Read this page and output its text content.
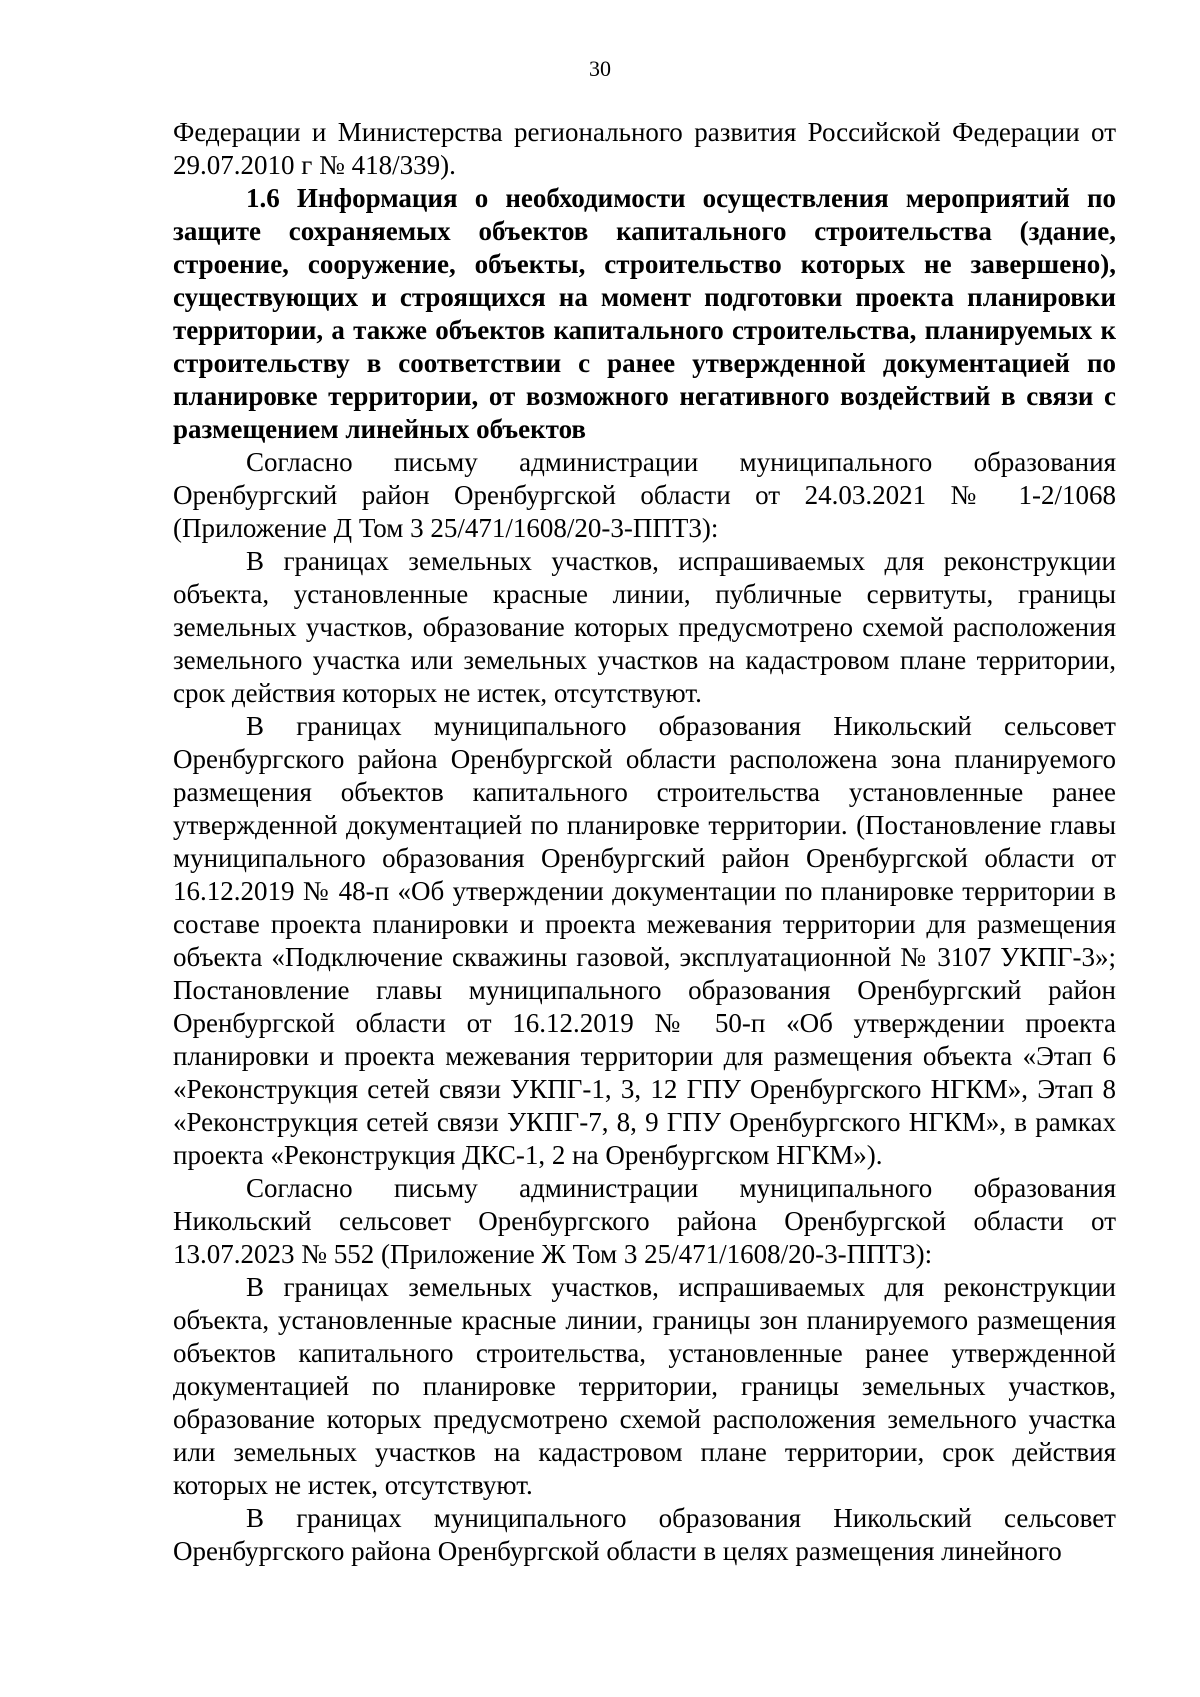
30

Федерации и Министерства регионального развития Российской Федерации от 29.07.2010 г № 418/339).

1.6 Информация о необходимости осуществления мероприятий по защите сохраняемых объектов капитального строительства (здание, строение, сооружение, объекты, строительство которых не завершено), существующих и строящихся на момент подготовки проекта планировки территории, а также объектов капитального строительства, планируемых к строительству в соответствии с ранее утвержденной документацией по планировке территории, от возможного негативного воздействий в связи с размещением линейных объектов

Согласно письму администрации муниципального образования Оренбургский район Оренбургской области от 24.03.2021 № 1-2/1068 (Приложение Д Том 3 25/471/1608/20-3-ППТ3):

В границах земельных участков, испрашиваемых для реконструкции объекта, установленные красные линии, публичные сервитуты, границы земельных участков, образование которых предусмотрено схемой расположения земельного участка или земельных участков на кадастровом плане территории, срок действия которых не истек, отсутствуют.

В границах муниципального образования Никольский сельсовет Оренбургского района Оренбургской области расположена зона планируемого размещения объектов капитального строительства установленные ранее утвержденной документацией по планировке территории. (Постановление главы муниципального образования Оренбургский район Оренбургской области от 16.12.2019 № 48-п «Об утверждении документации по планировке территории в составе проекта планировки и проекта межевания территории для размещения объекта «Подключение скважины газовой, эксплуатационной № 3107 УКПГ-3»; Постановление главы муниципального образования Оренбургский район Оренбургской области от 16.12.2019 № 50-п «Об утверждении проекта планировки и проекта межевания территории для размещения объекта «Этап 6 «Реконструкция сетей связи УКПГ-1, 3, 12 ГПУ Оренбургского НГКМ», Этап 8 «Реконструкция сетей связи УКПГ-7, 8, 9 ГПУ Оренбургского НГКМ», в рамках проекта «Реконструкция ДКС-1, 2 на Оренбургском НГКМ»).

Согласно письму администрации муниципального образования Никольский сельсовет Оренбургского района Оренбургской области от 13.07.2023 № 552 (Приложение Ж Том 3 25/471/1608/20-3-ППТ3):

В границах земельных участков, испрашиваемых для реконструкции объекта, установленные красные линии, границы зон планируемого размещения объектов капитального строительства, установленные ранее утвержденной документацией по планировке территории, границы земельных участков, образование которых предусмотрено схемой расположения земельного участка или земельных участков на кадастровом плане территории, срок действия которых не истек, отсутствуют.

В границах муниципального образования Никольский сельсовет Оренбургского района Оренбургской области в целях размещения линейного
